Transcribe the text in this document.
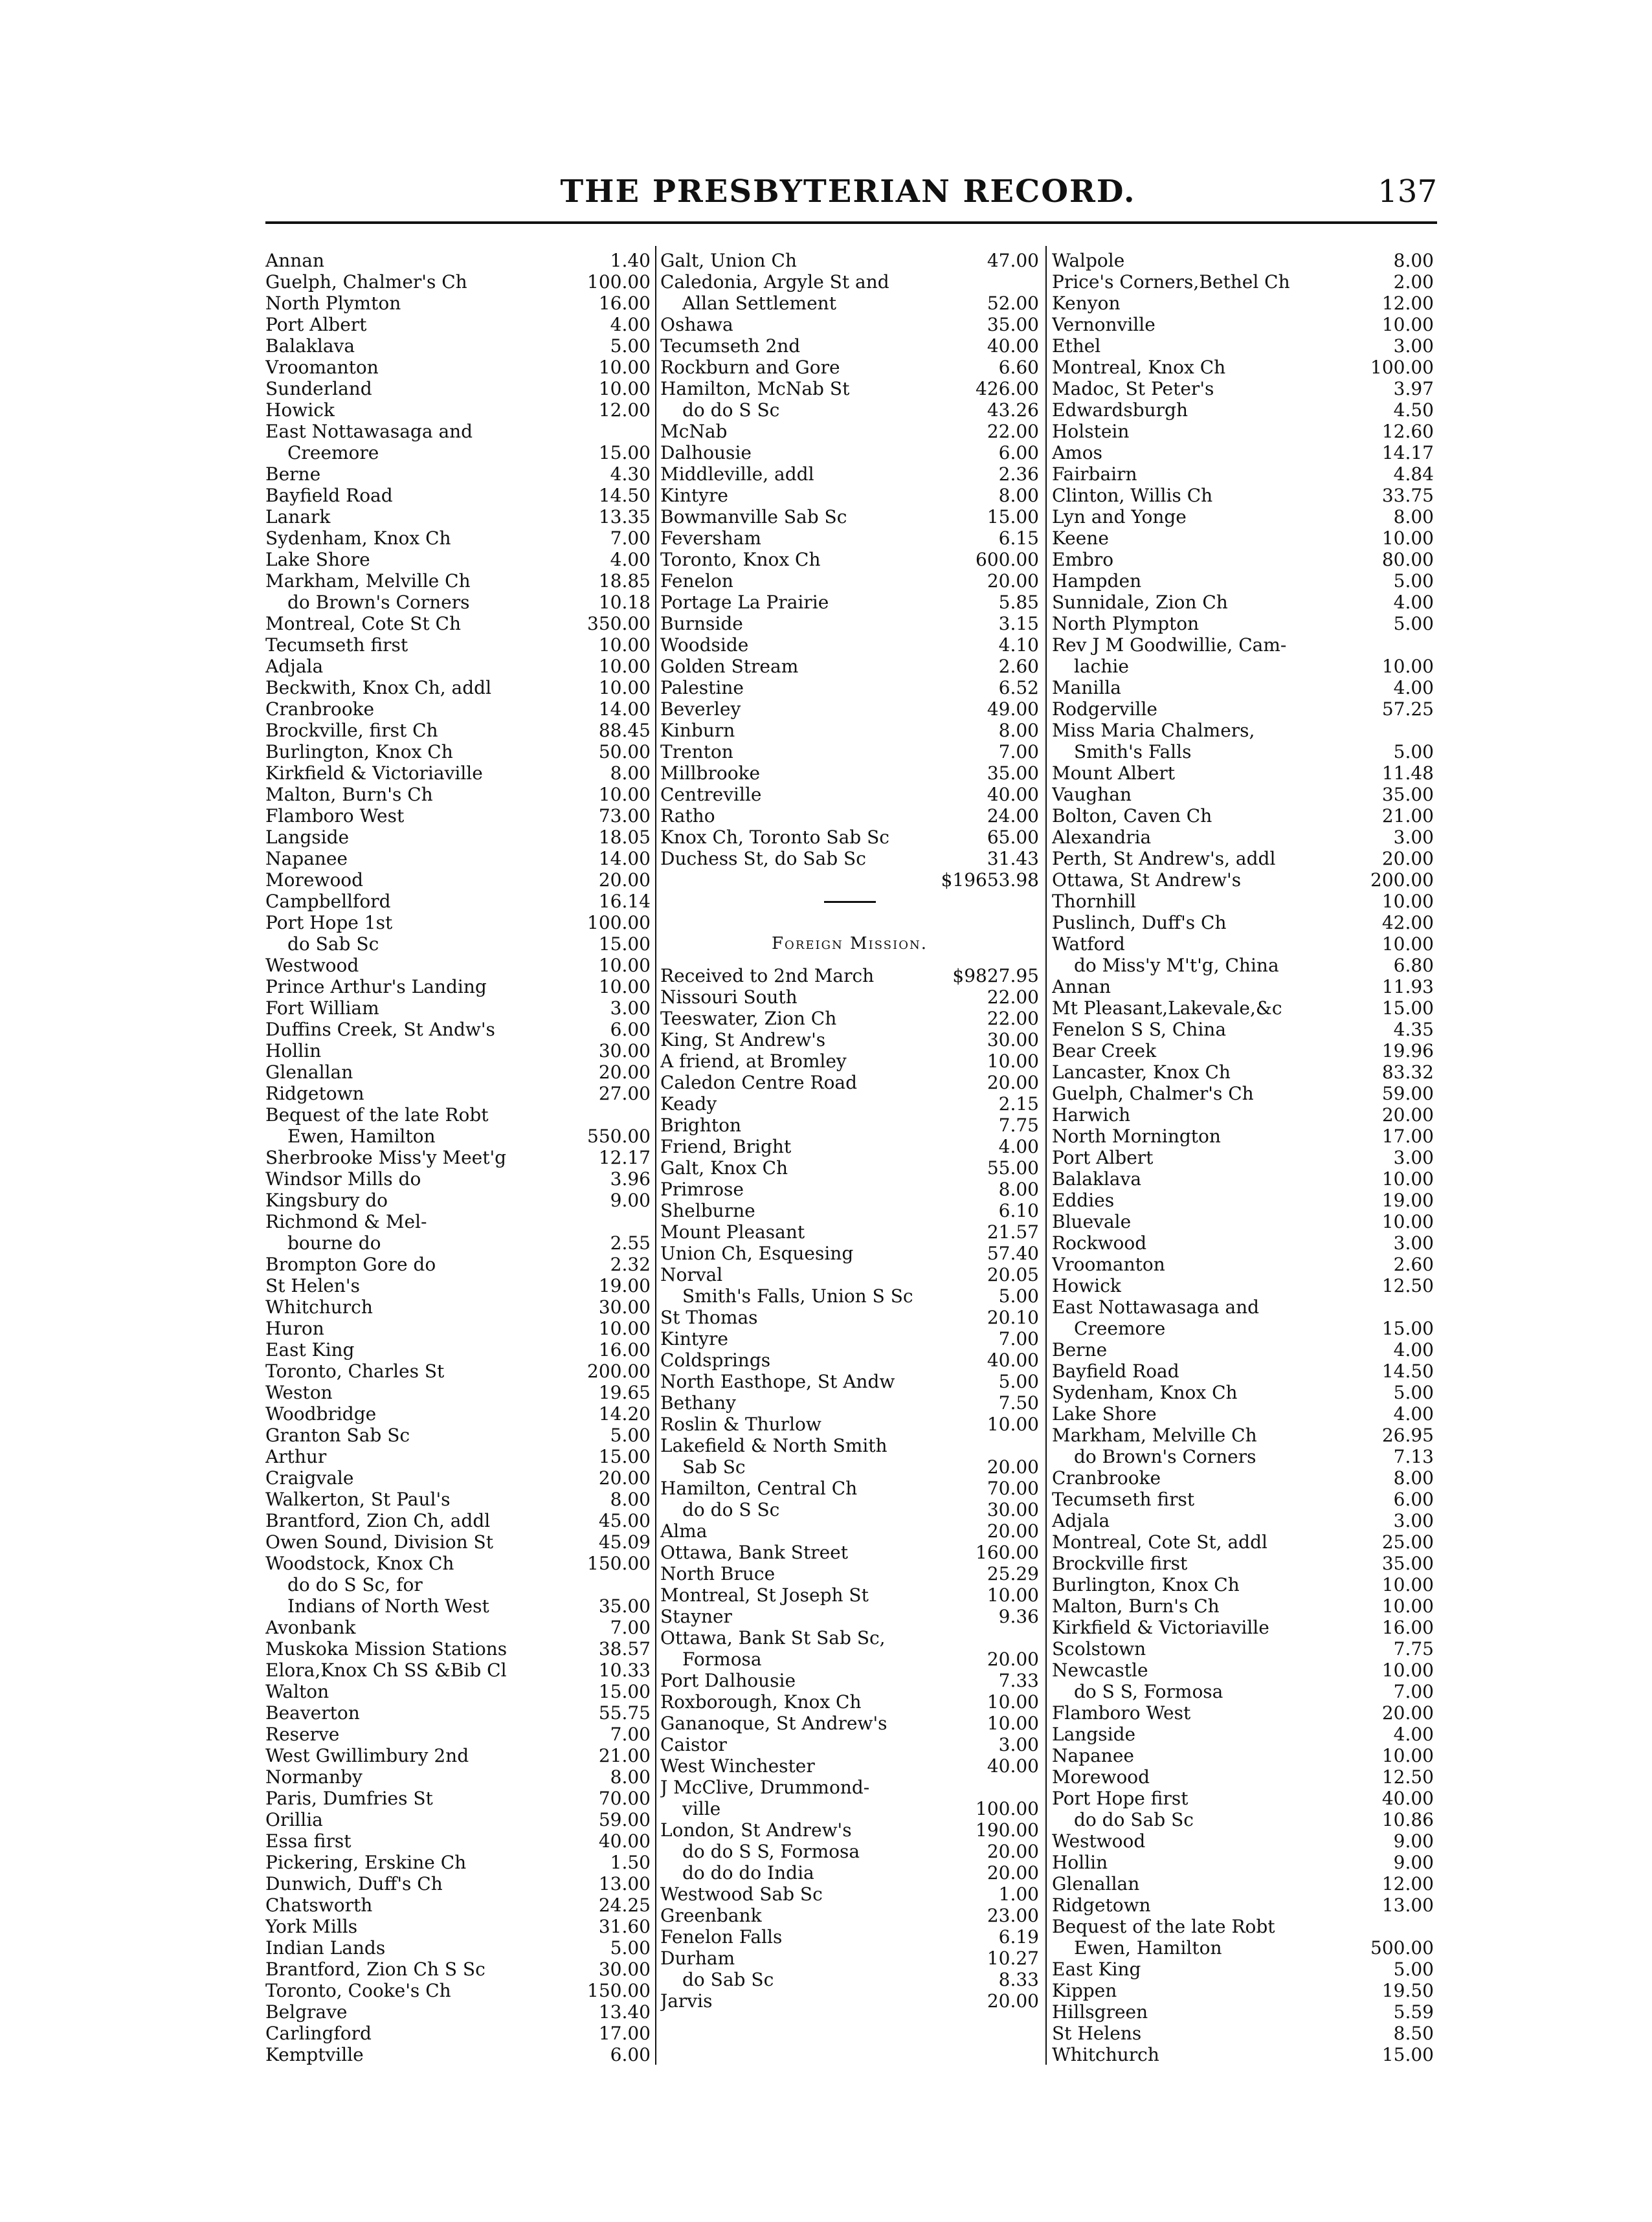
THE PRESBYTERIAN RECORD.	137
Annan	1.40
Guelph, Chalmer's Ch	100.00
North Plymton	16.00
Port Albert	4.00
Balaklava	5.00
Vroomanton	10.00
Sunderland	10.00
Howick	12.00
East Nottawasaga and
Creemore	15.00
Berne	4.30
Bayfield Road	14.50
Lanark	13.35
Sydenham, Knox Ch	7.00
Lake Shore	4.00
Markham, Melville Ch	18.85
do Brown's Corners	10.18
Montreal, Cote St Ch	350.00
Tecumseth first	10.00
Adjala	10.00
Beckwith, Knox Ch, addl	10.00
Cranbrooke	14.00
Brockville, first Ch	88.45
Burlington, Knox Ch	50.00
Kirkfield & Victoriaville	8.00
Malton, Burn's Ch	10.00
Flamboro West	73.00
Langside	18.05
Napanee	14.00
Morewood	20.00
Campbellford	16.14
Port Hope 1st	100.00
do Sab Sc	15.00
Westwood	10.00
Prince Arthur's Landing	10.00
Fort William	3.00
Duffins Creek, St Andw's	6.00
Hollin	30.00
Glenallan	20.00
Ridgetown	27.00
Bequest of the late Robt
Ewen, Hamilton	550.00
Sherbrooke Miss'y Meet'g	12.17
Windsor Mills do	3.96
Kingsbury do	9.00
Richmond & Mel-
bourne do	2.55
Brompton Gore do	2.32
St Helen's	19.00
Whitchurch	30.00
Huron	10.00
East King	16.00
Toronto, Charles St	200.00
Weston	19.65
Woodbridge	14.20
Granton Sab Sc	5.00
Arthur	15.00
Craigvale	20.00
Walkerton, St Paul's	8.00
Brantford, Zion Ch, addl	45.00
Owen Sound, Division St	45.09
Woodstock, Knox Ch	150.00
do do S Sc, for
Indians of North West	35.00
Avonbank	7.00
Muskoka Mission Stations	38.57
Elora,Knox Ch SS &Bib Cl	10.33
Walton	15.00
Beaverton	55.75
Reserve	7.00
West Gwillimbury 2nd	21.00
Normanby	8.00
Paris, Dumfries St	70.00
Orillia	59.00
Essa first	40.00
Pickering, Erskine Ch	1.50
Dunwich, Duff's Ch	13.00
Chatsworth	24.25
York Mills	31.60
Indian Lands	5.00
Brantford, Zion Ch S Sc	30.00
Toronto, Cooke's Ch	150.00
Belgrave	13.40
Carlingford	17.00
Kemptville	6.00
Galt, Union Ch	47.00
Caledonia, Argyle St and
Allan Settlement	52.00
Oshawa	35.00
Tecumseth 2nd	40.00
Rockburn and Gore	6.60
Hamilton, McNab St	426.00
do do S Sc	43.26
McNab	22.00
Dalhousie	6.00
Middleville, addl	2.36
Kintyre	8.00
Bowmanville Sab Sc	15.00
Feversham	6.15
Toronto, Knox Ch	600.00
Fenelon	20.00
Portage La Prairie	5.85
Burnside	3.15
Woodside	4.10
Golden Stream	2.60
Palestine	6.52
Beverley	49.00
Kinburn	8.00
Trenton	7.00
Millbrooke	35.00
Centreville	40.00
Ratho	24.00
Knox Ch, Toronto Sab Sc	65.00
Duchess St, do Sab Sc	31.43
$19653.98
Foreign Mission.
Received to 2nd March	$9827.95
Nissouri South	22.00
Teeswater, Zion Ch	22.00
King, St Andrew's	30.00
A friend, at Bromley	10.00
Caledon Centre Road	20.00
Keady	2.15
Brighton	7.75
Friend, Bright	4.00
Galt, Knox Ch	55.00
Primrose	8.00
Shelburne	6.10
Mount Pleasant	21.57
Union Ch, Esquesing	57.40
Norval	20.05
Smith's Falls, Union S Sc	5.00
St Thomas	20.10
Kintyre	7.00
Coldsprings	40.00
North Easthope, St Andw	5.00
Bethany	7.50
Roslin & Thurlow	10.00
Lakefield & North Smith
Sab Sc	20.00
Hamilton, Central Ch	70.00
do do S Sc	30.00
Alma	20.00
Ottawa, Bank Street	160.00
North Bruce	25.29
Montreal, St Joseph St	10.00
Stayner	9.36
Ottawa, Bank St Sab Sc,
Formosa	20.00
Port Dalhousie	7.33
Roxborough, Knox Ch	10.00
Gananoque, St Andrew's	10.00
Caistor	3.00
West Winchester	40.00
J McClive, Drummond-
ville	100.00
London, St Andrew's	190.00
do do S S, Formosa	20.00
do do do India	20.00
Westwood Sab Sc	1.00
Greenbank	23.00
Fenelon Falls	6.19
Durham	10.27
do Sab Sc	8.33
Jarvis	20.00
Walpole	8.00
Price's Corners,Bethel Ch	2.00
Kenyon	12.00
Vernonville	10.00
Ethel	3.00
Montreal, Knox Ch	100.00
Madoc, St Peter's	3.97
Edwardsburgh	4.50
Holstein	12.60
Amos	14.17
Fairbairn	4.84
Clinton, Willis Ch	33.75
Lyn and Yonge	8.00
Keene	10.00
Embro	80.00
Hampden	5.00
Sunnidale, Zion Ch	4.00
North Plympton	5.00
Rev J M Goodwillie, Cam-
lachie	10.00
Manilla	4.00
Rodgerville	57.25
Miss Maria Chalmers,
Smith's Falls	5.00
Mount Albert	11.48
Vaughan	35.00
Bolton, Caven Ch	21.00
Alexandria	3.00
Perth, St Andrew's, addl	20.00
Ottawa, St Andrew's	200.00
Thornhill	10.00
Puslinch, Duff's Ch	42.00
Watford	10.00
do Miss'y M't'g, China	6.80
Annan	11.93
Mt Pleasant,Lakevale,&c	15.00
Fenelon S S, China	4.35
Bear Creek	19.96
Lancaster, Knox Ch	83.32
Guelph, Chalmer's Ch	59.00
Harwich	20.00
North Mornington	17.00
Port Albert	3.00
Balaklava	10.00
Eddies	19.00
Bluevale	10.00
Rockwood	3.00
Vroomanton	2.60
Howick	12.50
East Nottawasaga and
Creemore	15.00
Berne	4.00
Bayfield Road	14.50
Sydenham, Knox Ch	5.00
Lake Shore	4.00
Markham, Melville Ch	26.95
do Brown's Corners	7.13
Cranbrooke	8.00
Tecumseth first	6.00
Adjala	3.00
Montreal, Cote St, addl	25.00
Brockville first	35.00
Burlington, Knox Ch	10.00
Malton, Burn's Ch	10.00
Kirkfield & Victoriaville	16.00
Scolstown	7.75
Newcastle	10.00
do S S, Formosa	7.00
Flamboro West	20.00
Langside	4.00
Napanee	10.00
Morewood	12.50
Port Hope first	40.00
do do Sab Sc	10.86
Westwood	9.00
Hollin	9.00
Glenallan	12.00
Ridgetown	13.00
Bequest of the late Robt
Ewen, Hamilton	500.00
East King	5.00
Kippen	19.50
Hillsgreen	5.59
St Helens	8.50
Whitchurch	15.00
